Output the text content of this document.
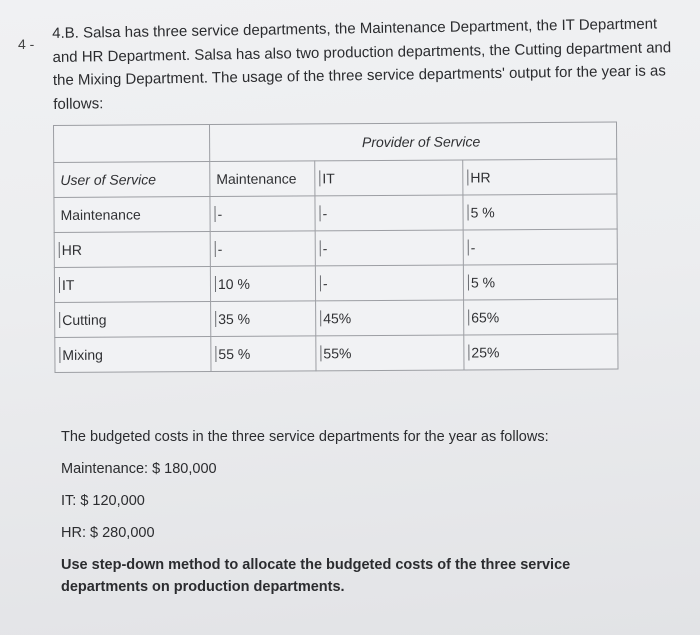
4 -
4.B. Salsa has three service departments, the Maintenance Department, the IT Department and HR Department. Salsa has also two production departments, the Cutting department and the Mixing Department. The usage of the three service departments' output for the year is as follows:
	Provider of Service		
User of Service	Maintenance	IT	HR
Maintenance	-	-	5 %
HR	-	-	-
IT	10 %	-	5 %
Cutting	35 %	45%	65%
Mixing	55 %	55%	25%
The budgeted costs in the three service departments for the year as follows:
Maintenance: $ 180,000
IT: $ 120,000
HR: $ 280,000
Use step-down method to allocate the budgeted costs of the three service departments on production departments.
